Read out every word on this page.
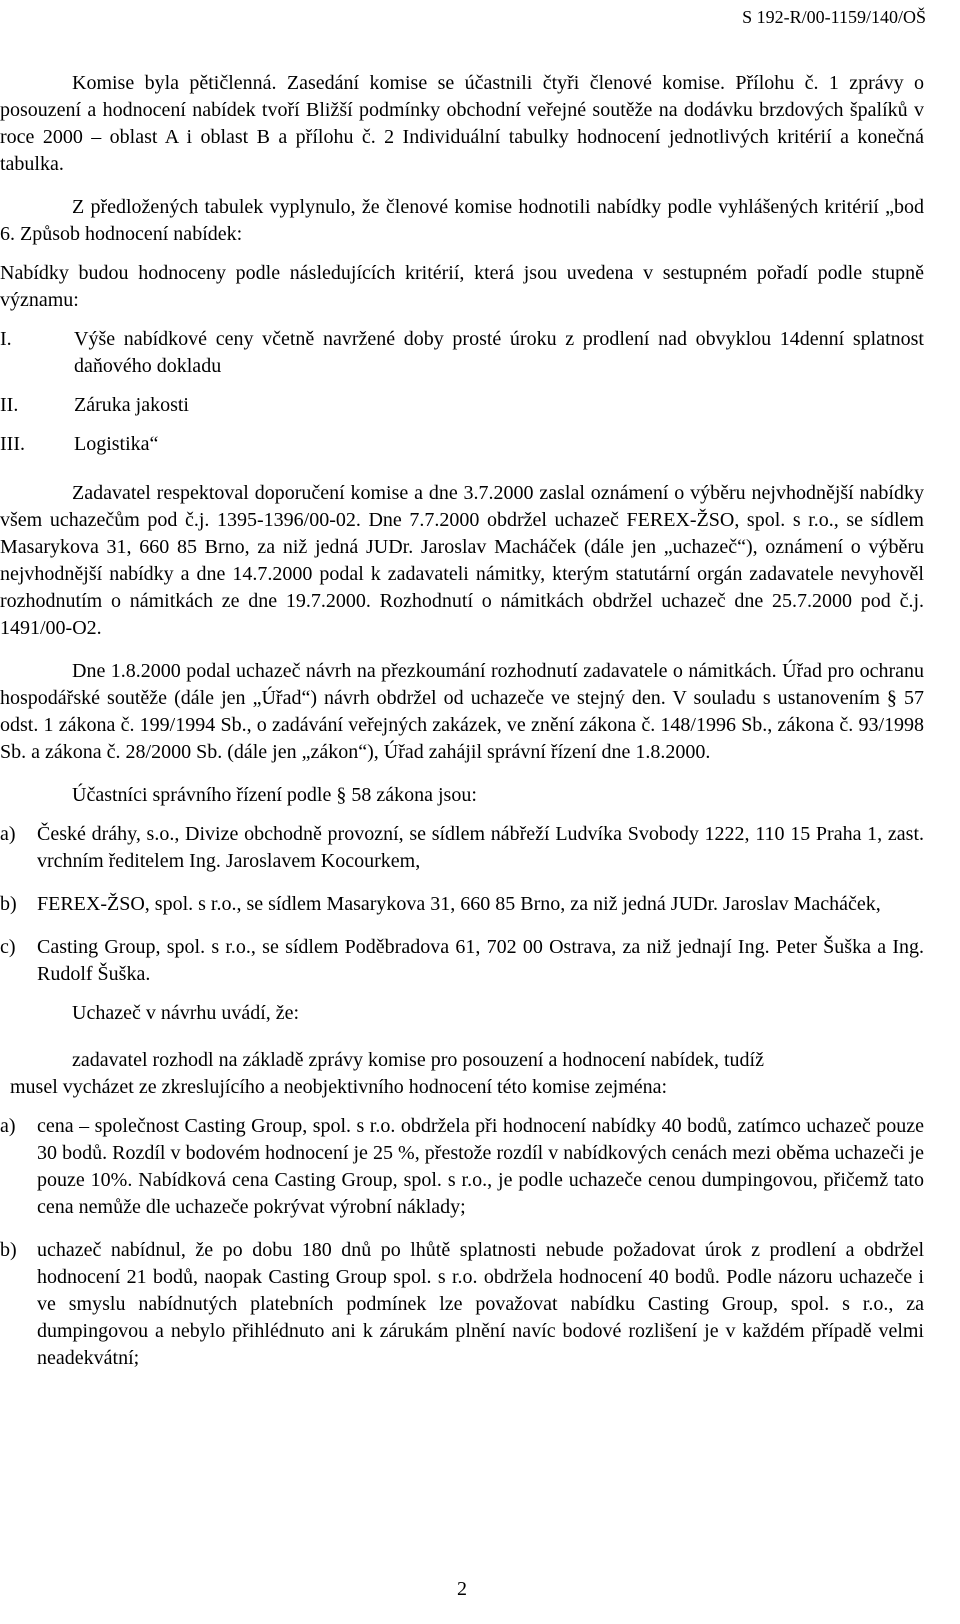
S 192-R/00-1159/140/OŠ

Komise byla pětičlenná. Zasedání komise se účastnili čtyři členové komise. Přílohu č. 1 zprávy o posouzení a hodnocení nabídek tvoří Bližší podmínky obchodní veřejné soutěže na dodávku brzdových špalíků v roce 2000 – oblast A i oblast B a přílohu č. 2 Individuální tabulky hodnocení jednotlivých kritérií a konečná tabulka.

Z předložených tabulek vyplynulo, že členové komise hodnotili nabídky podle vyhlášených kritérií „bod 6. Způsob hodnocení nabídek:

Nabídky budou hodnoceny podle následujících kritérií, která jsou uvedena v sestupném pořadí podle stupně významu:

I.	Výše nabídkové ceny včetně navržené doby prosté úroku z prodlení nad obvyklou 14denní splatnost daňového dokladu
II.	Záruka jakosti
III.	Logistika“

Zadavatel respektoval doporučení komise a dne 3.7.2000 zaslal oznámení o výběru nejvhodnější nabídky všem uchazečům pod č.j. 1395-1396/00-02. Dne 7.7.2000 obdržel uchazeč FEREX-ŽSO, spol. s r.o., se sídlem Masarykova 31, 660 85 Brno, za niž jedná JUDr. Jaroslav Macháček (dále jen „uchazeč“), oznámení o výběru nejvhodnější nabídky a dne 14.7.2000 podal k zadavateli námitky, kterým statutární orgán zadavatele nevyhověl rozhodnutím o námitkách ze dne 19.7.2000. Rozhodnutí o námitkách obdržel uchazeč dne 25.7.2000 pod č.j. 1491/00-O2.

Dne 1.8.2000 podal uchazeč návrh na přezkoumání rozhodnutí zadavatele o námitkách. Úřad pro ochranu hospodářské soutěže (dále jen „Úřad“) návrh obdržel od uchazeče ve stejný den. V souladu s ustanovením § 57 odst. 1 zákona č. 199/1994 Sb., o zadávání veřejných zakázek, ve znění zákona č. 148/1996 Sb., zákona č. 93/1998 Sb. a zákona č. 28/2000 Sb. (dále jen „zákon“), Úřad zahájil správní řízení dne 1.8.2000.

Účastníci správního řízení podle § 58 zákona jsou:

a)	České dráhy, s.o., Divize obchodně provozní, se sídlem nábřeží Ludvíka Svobody 1222, 110 15 Praha 1, zast. vrchním ředitelem Ing. Jaroslavem Kocourkem,
b)	FEREX-ŽSO, spol. s r.o., se sídlem Masarykova 31, 660 85 Brno, za niž jedná JUDr. Jaroslav Macháček,
c)	Casting Group, spol. s r.o., se sídlem Poděbradova 61, 702 00 Ostrava, za niž jednají Ing. Peter Šuška a Ing. Rudolf Šuška.

Uchazeč v návrhu uvádí, že:

zadavatel rozhodl na základě zprávy komise pro posouzení a hodnocení nabídek, tudíž

musel vycházet ze zkreslujícího a neobjektivního hodnocení této komise zejména:

a)	cena – společnost Casting Group, spol. s r.o. obdržela při hodnocení nabídky 40 bodů, zatímco uchazeč pouze 30 bodů. Rozdíl v bodovém hodnocení je 25 %, přestože rozdíl v nabídkových cenách mezi oběma uchazeči je pouze 10%. Nabídková cena Casting Group, spol. s r.o., je podle uchazeče cenou dumpingovou, přičemž tato cena nemůže dle uchazeče pokrývat výrobní náklady;
b)	uchazeč nabídnul, že po dobu 180 dnů po lhůtě splatnosti nebude požadovat úrok z prodlení a obdržel hodnocení 21 bodů, naopak Casting Group spol. s r.o. obdržela hodnocení 40 bodů. Podle názoru uchazeče i ve smyslu nabídnutých platebních podmínek lze považovat nabídku Casting Group, spol. s r.o., za dumpingovou a nebylo přihlédnuto ani k zárukám plnění navíc bodové rozlišení je v každém případě velmi neadekvátní;
2
